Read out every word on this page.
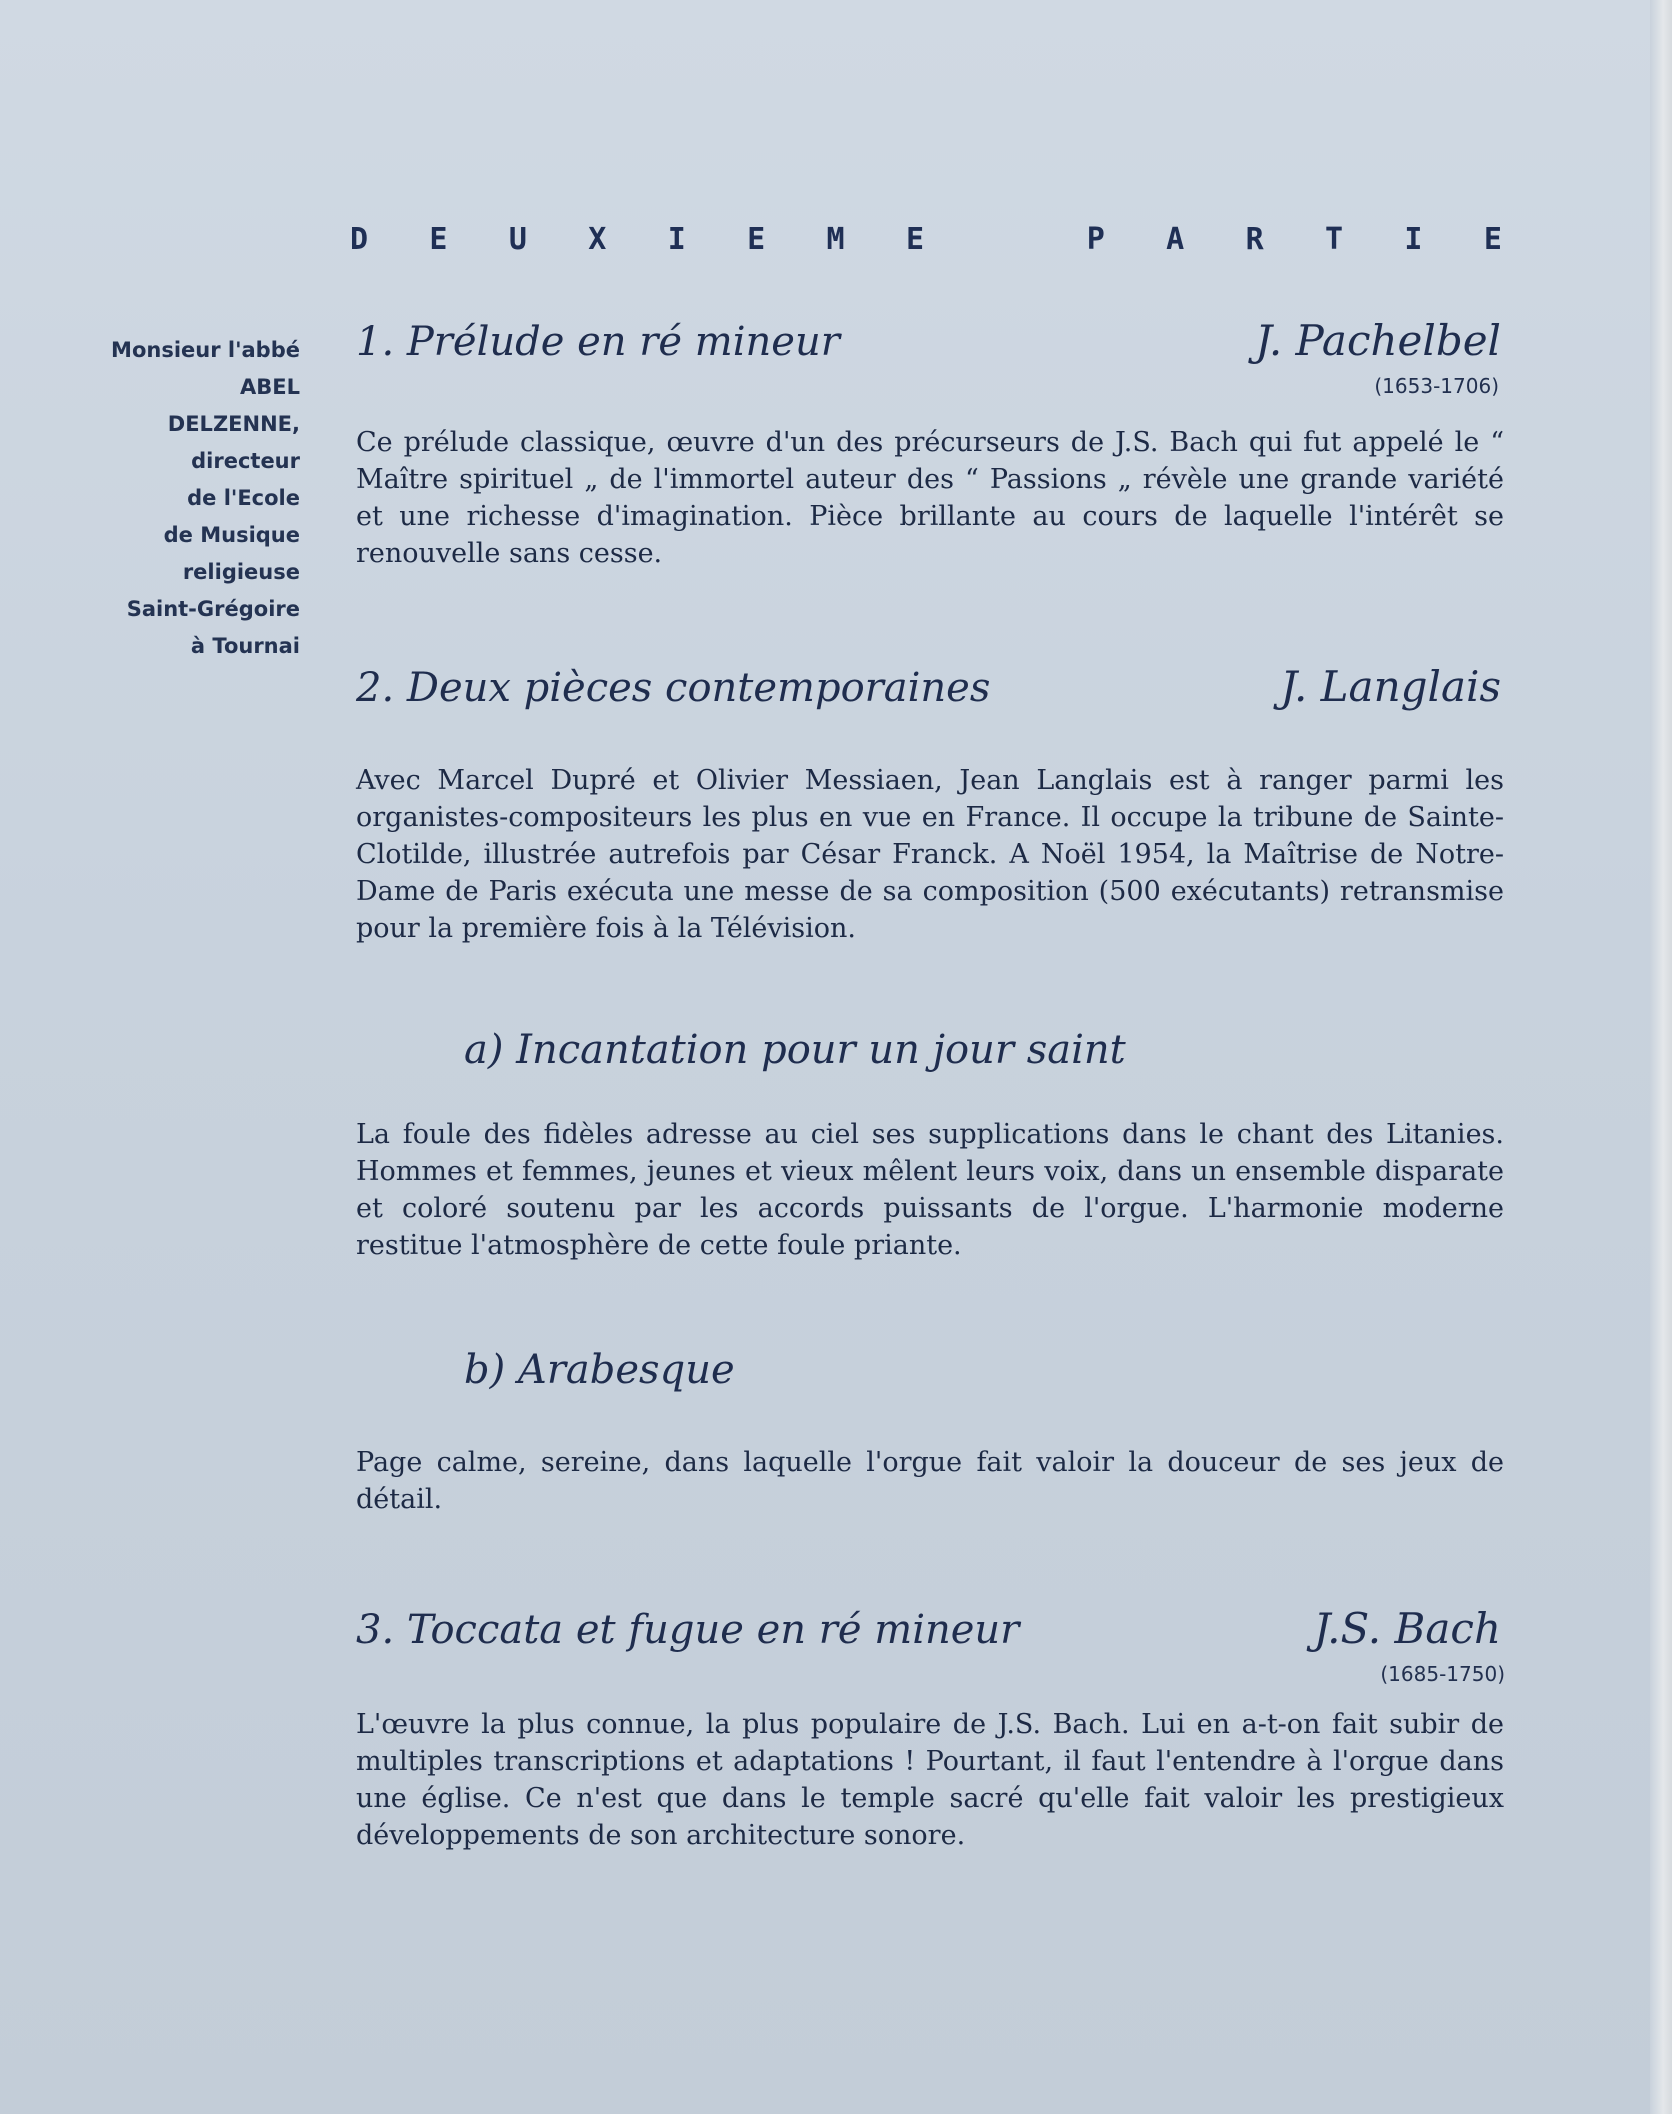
D E U X I E M E	P A R T I E
Monsieur l'abbé
ABEL
DELZENNE,
directeur
de l'Ecole
de Musique
religieuse
Saint-Grégoire
à Tournai
1. Prélude en ré mineur	J. Pachelbel
(1653-1706)
Ce prélude classique, œuvre d'un des précurseurs de J.S. Bach qui fut appelé le “ Maître spirituel „ de l'immortel auteur des “ Passions „ révèle une grande variété et une richesse d'imagination. Pièce brillante au cours de laquelle l'intérêt se renouvelle sans cesse.
2. Deux pièces contemporaines	J. Langlais
Avec Marcel Dupré et Olivier Messiaen, Jean Langlais est à ranger parmi les organistes-compositeurs les plus en vue en France. Il occupe la tribune de Sainte-Clotilde, illustrée autrefois par César Franck. A Noël 1954, la Maîtrise de Notre-Dame de Paris exécuta une messe de sa composition (500 exécutants) retransmise pour la première fois à la Télévision.
a) Incantation pour un jour saint
La foule des fidèles adresse au ciel ses supplications dans le chant des Litanies. Hommes et femmes, jeunes et vieux mêlent leurs voix, dans un ensemble disparate et coloré soutenu par les accords puissants de l'orgue. L'harmonie moderne restitue l'atmosphère de cette foule priante.
b) Arabesque
Page calme, sereine, dans laquelle l'orgue fait valoir la douceur de ses jeux de détail.
3. Toccata et fugue en ré mineur	J.S. Bach
(1685-1750)
L'œuvre la plus connue, la plus populaire de J.S. Bach. Lui en a-t-on fait subir de multiples transcriptions et adaptations ! Pourtant, il faut l'entendre à l'orgue dans une église. Ce n'est que dans le temple sacré qu'elle fait valoir les prestigieux développements de son architecture sonore.
